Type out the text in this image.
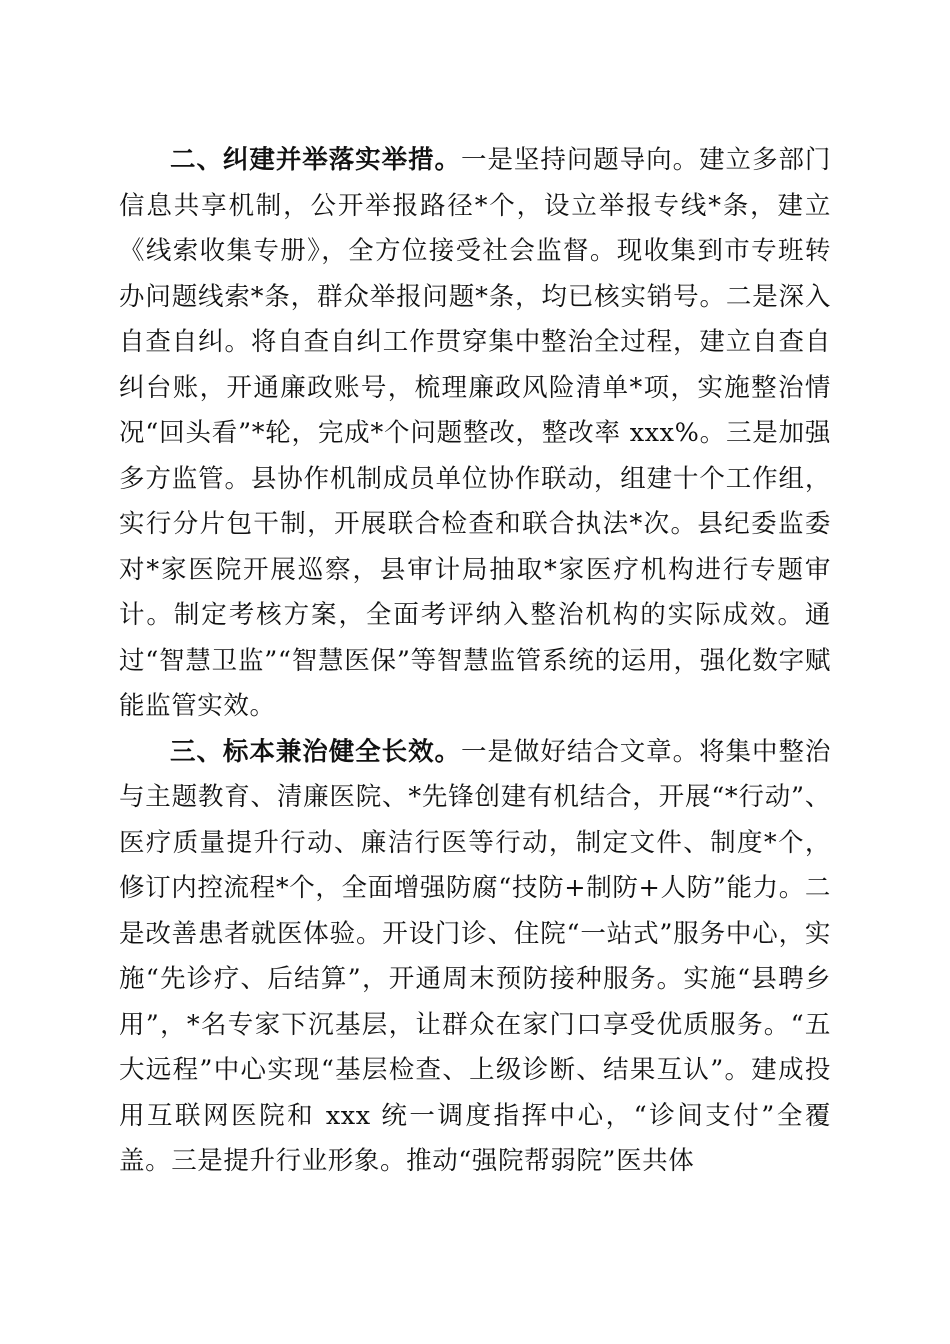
二、纠建并举落实举措。一是坚持问题导向。建立多部门信息共享机制，公开举报路径*个，设立举报专线*条，建立《线索收集专册》，全方位接受社会监督。现收集到市专班转办问题线索*条，群众举报问题*条，均已核实销号。二是深入自查自纠。将自查自纠工作贯穿集中整治全过程，建立自查自纠台账，开通廉政账号，梳理廉政风险清单*项，实施整治情况“回头看”*轮，完成*个问题整改，整改率 xxx%。三是加强多方监管。县协作机制成员单位协作联动，组建十个工作组，实行分片包干制，开展联合检查和联合执法*次。县纪委监委对*家医院开展巡察，县审计局抽取*家医疗机构进行专题审计。制定考核方案，全面考评纳入整治机构的实际成效。通过“智慧卫监”“智慧医保”等智慧监管系统的运用，强化数字赋能监管实效。

三、标本兼治健全长效。一是做好结合文章。将集中整治与主题教育、清廉医院、*先锋创建有机结合，开展“*行动”、医疗质量提升行动、廉洁行医等行动，制定文件、制度*个，修订内控流程*个，全面增强防腐“技防+制防+人防”能力。二是改善患者就医体验。开设门诊、住院“一站式”服务中心，实施“先诊疗、后结算”，开通周末预防接种服务。实施“县聘乡用”，*名专家下沉基层，让群众在家门口享受优质服务。“五大远程”中心实现“基层检查、上级诊断、结果互认”。建成投用互联网医院和 xxx 统一调度指挥中心，“诊间支付”全覆盖。三是提升行业形象。推动“强院帮弱院”医共体
